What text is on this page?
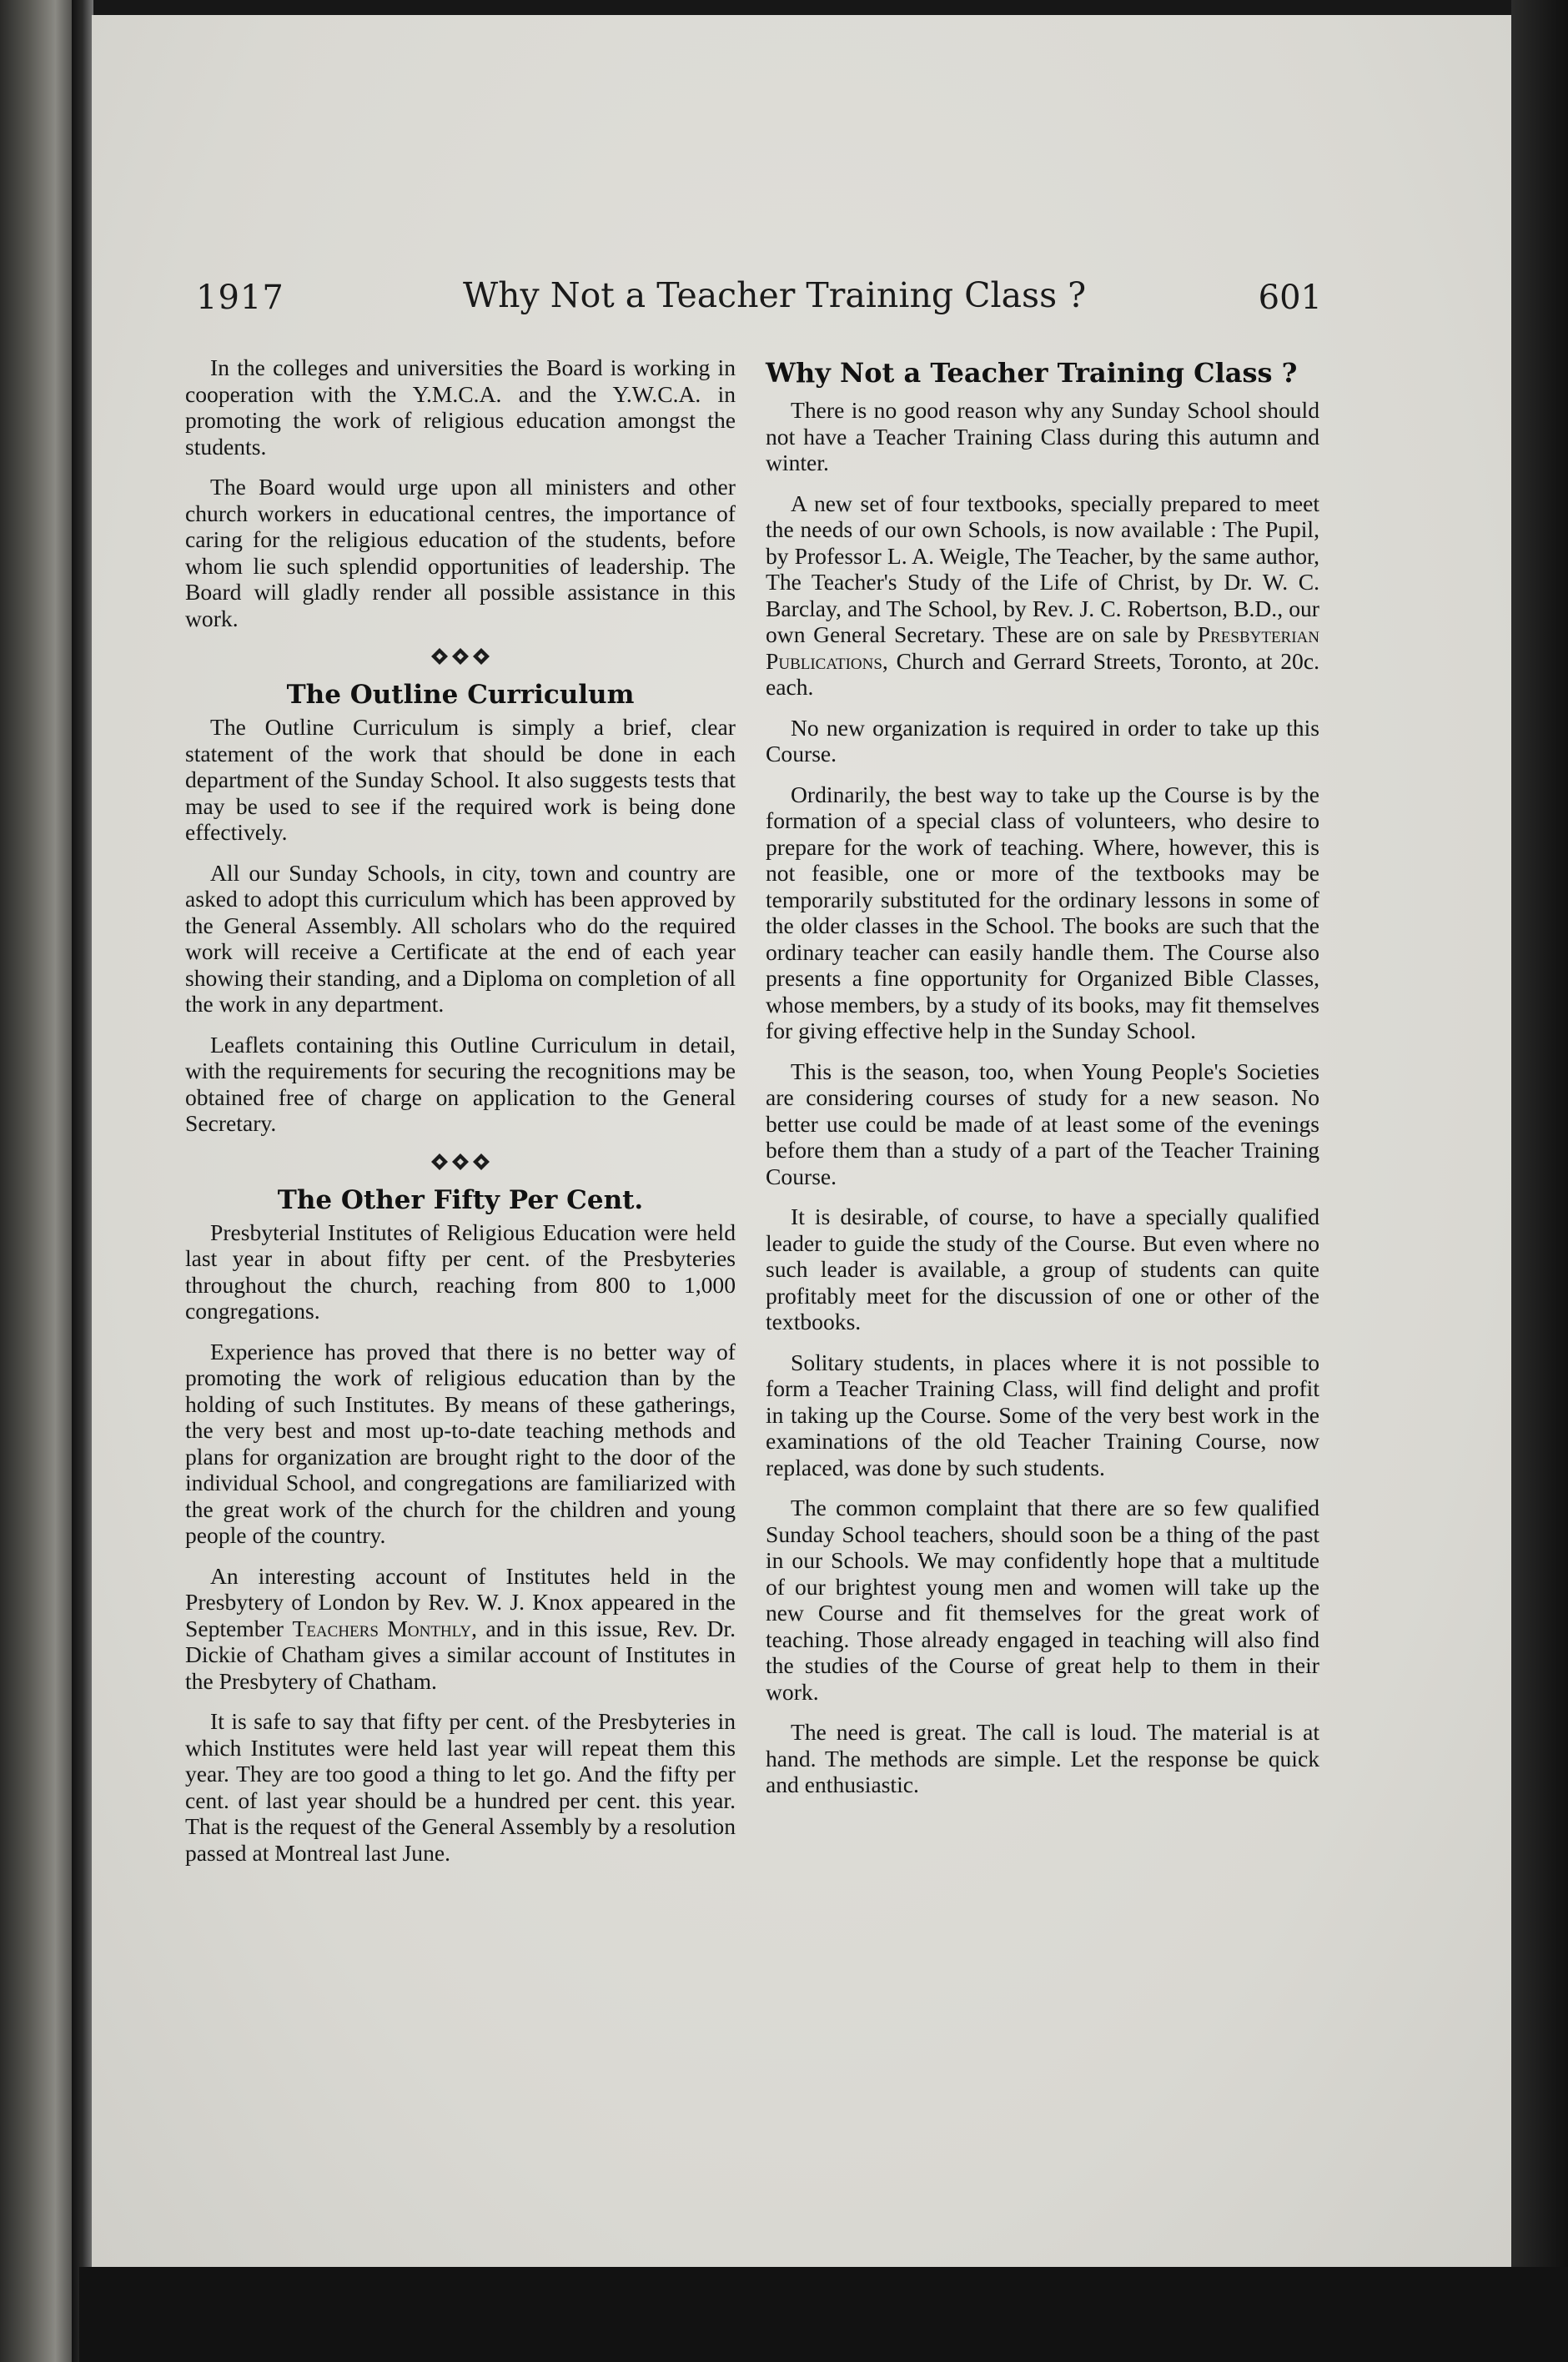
1917	Why Not a Teacher Training Class ?	601

In the colleges and universities the Board is working in cooperation with the Y.M.C.A. and the Y.W.C.A. in promoting the work of religious education amongst the students.

The Board would urge upon all ministers and other church workers in educational centres, the importance of caring for the religious education of the students, before whom lie such splendid opportunities of leadership. The Board will gladly render all possible assistance in this work.

The Outline Curriculum

The Outline Curriculum is simply a brief, clear statement of the work that should be done in each department of the Sunday School. It also suggests tests that may be used to see if the required work is being done effectively.

All our Sunday Schools, in city, town and country are asked to adopt this curriculum which has been approved by the General Assembly. All scholars who do the required work will receive a Certificate at the end of each year showing their standing, and a Diploma on completion of all the work in any department.

Leaflets containing this Outline Curriculum in detail, with the requirements for securing the recognitions may be obtained free of charge on application to the General Secretary.

The Other Fifty Per Cent.

Presbyterial Institutes of Religious Education were held last year in about fifty per cent. of the Presbyteries throughout the church, reaching from 800 to 1,000 congregations.

Experience has proved that there is no better way of promoting the work of religious education than by the holding of such Institutes. By means of these gatherings, the very best and most up-to-date teaching methods and plans for organization are brought right to the door of the individual School, and congregations are familiarized with the great work of the church for the children and young people of the country.

An interesting account of Institutes held in the Presbytery of London by Rev. W. J. Knox appeared in the September Teachers Monthly, and in this issue, Rev. Dr. Dickie of Chatham gives a similar account of Institutes in the Presbytery of Chatham.

It is safe to say that fifty per cent. of the Presbyteries in which Institutes were held last year will repeat them this year. They are too good a thing to let go. And the fifty per cent. of last year should be a hundred per cent. this year. That is the request of the General Assembly by a resolution passed at Montreal last June.

Why Not a Teacher Training Class ?

There is no good reason why any Sunday School should not have a Teacher Training Class during this autumn and winter.

A new set of four textbooks, specially prepared to meet the needs of our own Schools, is now available : The Pupil, by Professor L. A. Weigle, The Teacher, by the same author, The Teacher's Study of the Life of Christ, by Dr. W. C. Barclay, and The School, by Rev. J. C. Robertson, B.D., our own General Secretary. These are on sale by Presbyterian Publications, Church and Gerrard Streets, Toronto, at 20c. each.

No new organization is required in order to take up this Course.

Ordinarily, the best way to take up the Course is by the formation of a special class of volunteers, who desire to prepare for the work of teaching. Where, however, this is not feasible, one or more of the textbooks may be temporarily substituted for the ordinary lessons in some of the older classes in the School. The books are such that the ordinary teacher can easily handle them. The Course also presents a fine opportunity for Organized Bible Classes, whose members, by a study of its books, may fit themselves for giving effective help in the Sunday School.

This is the season, too, when Young People's Societies are considering courses of study for a new season. No better use could be made of at least some of the evenings before them than a study of a part of the Teacher Training Course.

It is desirable, of course, to have a specially qualified leader to guide the study of the Course. But even where no such leader is available, a group of students can quite profitably meet for the discussion of one or other of the textbooks.

Solitary students, in places where it is not possible to form a Teacher Training Class, will find delight and profit in taking up the Course. Some of the very best work in the examinations of the old Teacher Training Course, now replaced, was done by such students.

The common complaint that there are so few qualified Sunday School teachers, should soon be a thing of the past in our Schools. We may confidently hope that a multitude of our brightest young men and women will take up the new Course and fit themselves for the great work of teaching. Those already engaged in teaching will also find the studies of the Course of great help to them in their work.

The need is great. The call is loud. The material is at hand. The methods are simple. Let the response be quick and enthusiastic.
